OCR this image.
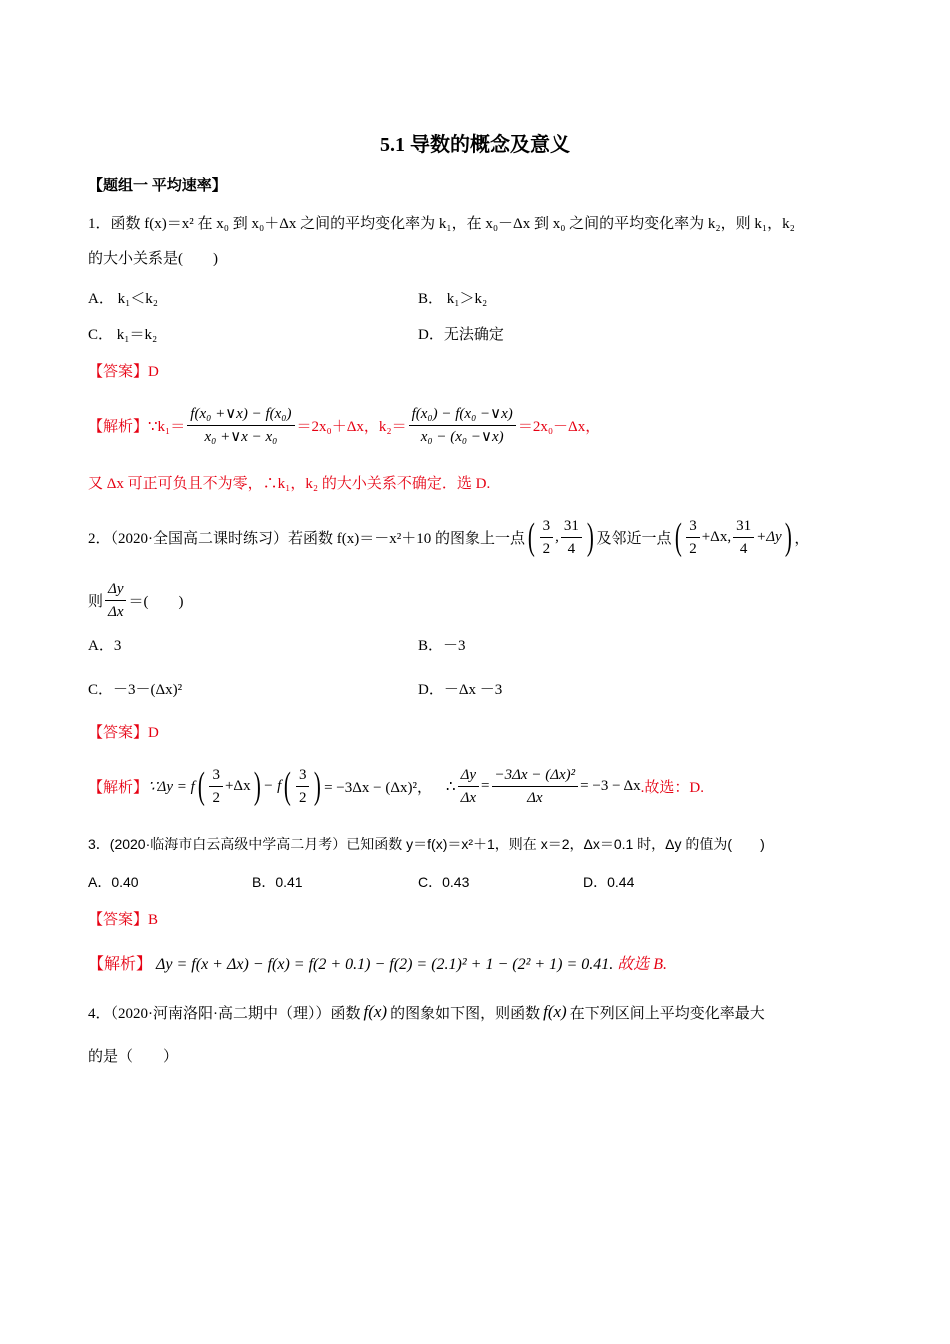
5.1 导数的概念及意义
【题组一 平均速率】
1．函数 f(x)＝x² 在 x₀ 到 x₀＋Δx 之间的平均变化率为 k₁，在 x₀－Δx 到 x₀ 之间的平均变化率为 k₂，则 k₁，k₂
的大小关系是(　　)
A． k₁＜k₂	B． k₁＞k₂
C． k₁＝k₂	D．无法确定
【答案】D
【解析】 ∵k₁＝ $\frac{\text{f(x₀ +∨x) − f(x₀)}}{\text{x₀ +∨x − x₀}} =2x_0+\Delta x$，$k_2= \frac{\text{f(x₀) − f(x₀ −∨x)}}{\text{x₀ − (x₀ −∨x)}} =2x_0-\Delta x$，
又 Δx 可正可负且不为零，∴k₁，k₂ 的大小关系不确定．选 D.
2．（2020·全国高二课时练习）若函数 f(x)＝－x²＋10 的图象上一点 ( $\frac{3}{2}$ , $\frac{31}{4}$ ) 及邻近一点 ( $\frac{3}{2} +\Delta x$, $\frac{31}{4} +\Delta y$ ) ，
则 $\frac{\Delta y}{\Delta x}$ ＝(　　)
A．3	B．－3
C．－3－(Δx)²	D．－Δx －3
【答案】D
【解析】 ∵Δy = f ( $\frac{3}{2} +\Delta x$ ) − f ( $\frac{3}{2}$ ) = −3Δx − (Δx)²， ∴ $\frac{\Delta y}{\Delta x} = \frac{\text{−3Δx − (Δx)²}}{\Delta x} = -3 - \Delta x$ .故选：D.
3．(2020·临海市白云高级中学高二月考）已知函数 y＝f(x)＝x²＋1，则在 x＝2，Δx＝0.1 时，Δy 的值为(　　)
A．0.40	B．0.41	C．0.43	D．0.44
【答案】B
【解析】 Δy = f(x + Δx) − f(x) = f(2 + 0.1) − f(2) = (2.1)² + 1 − (2² + 1) = 0.41. 故选 B.
4．（2020·河南洛阳·高二期中（理））函数 f(x) 的图象如下图，则函数 f(x) 在下列区间上平均变化率最大
的是（　　）
